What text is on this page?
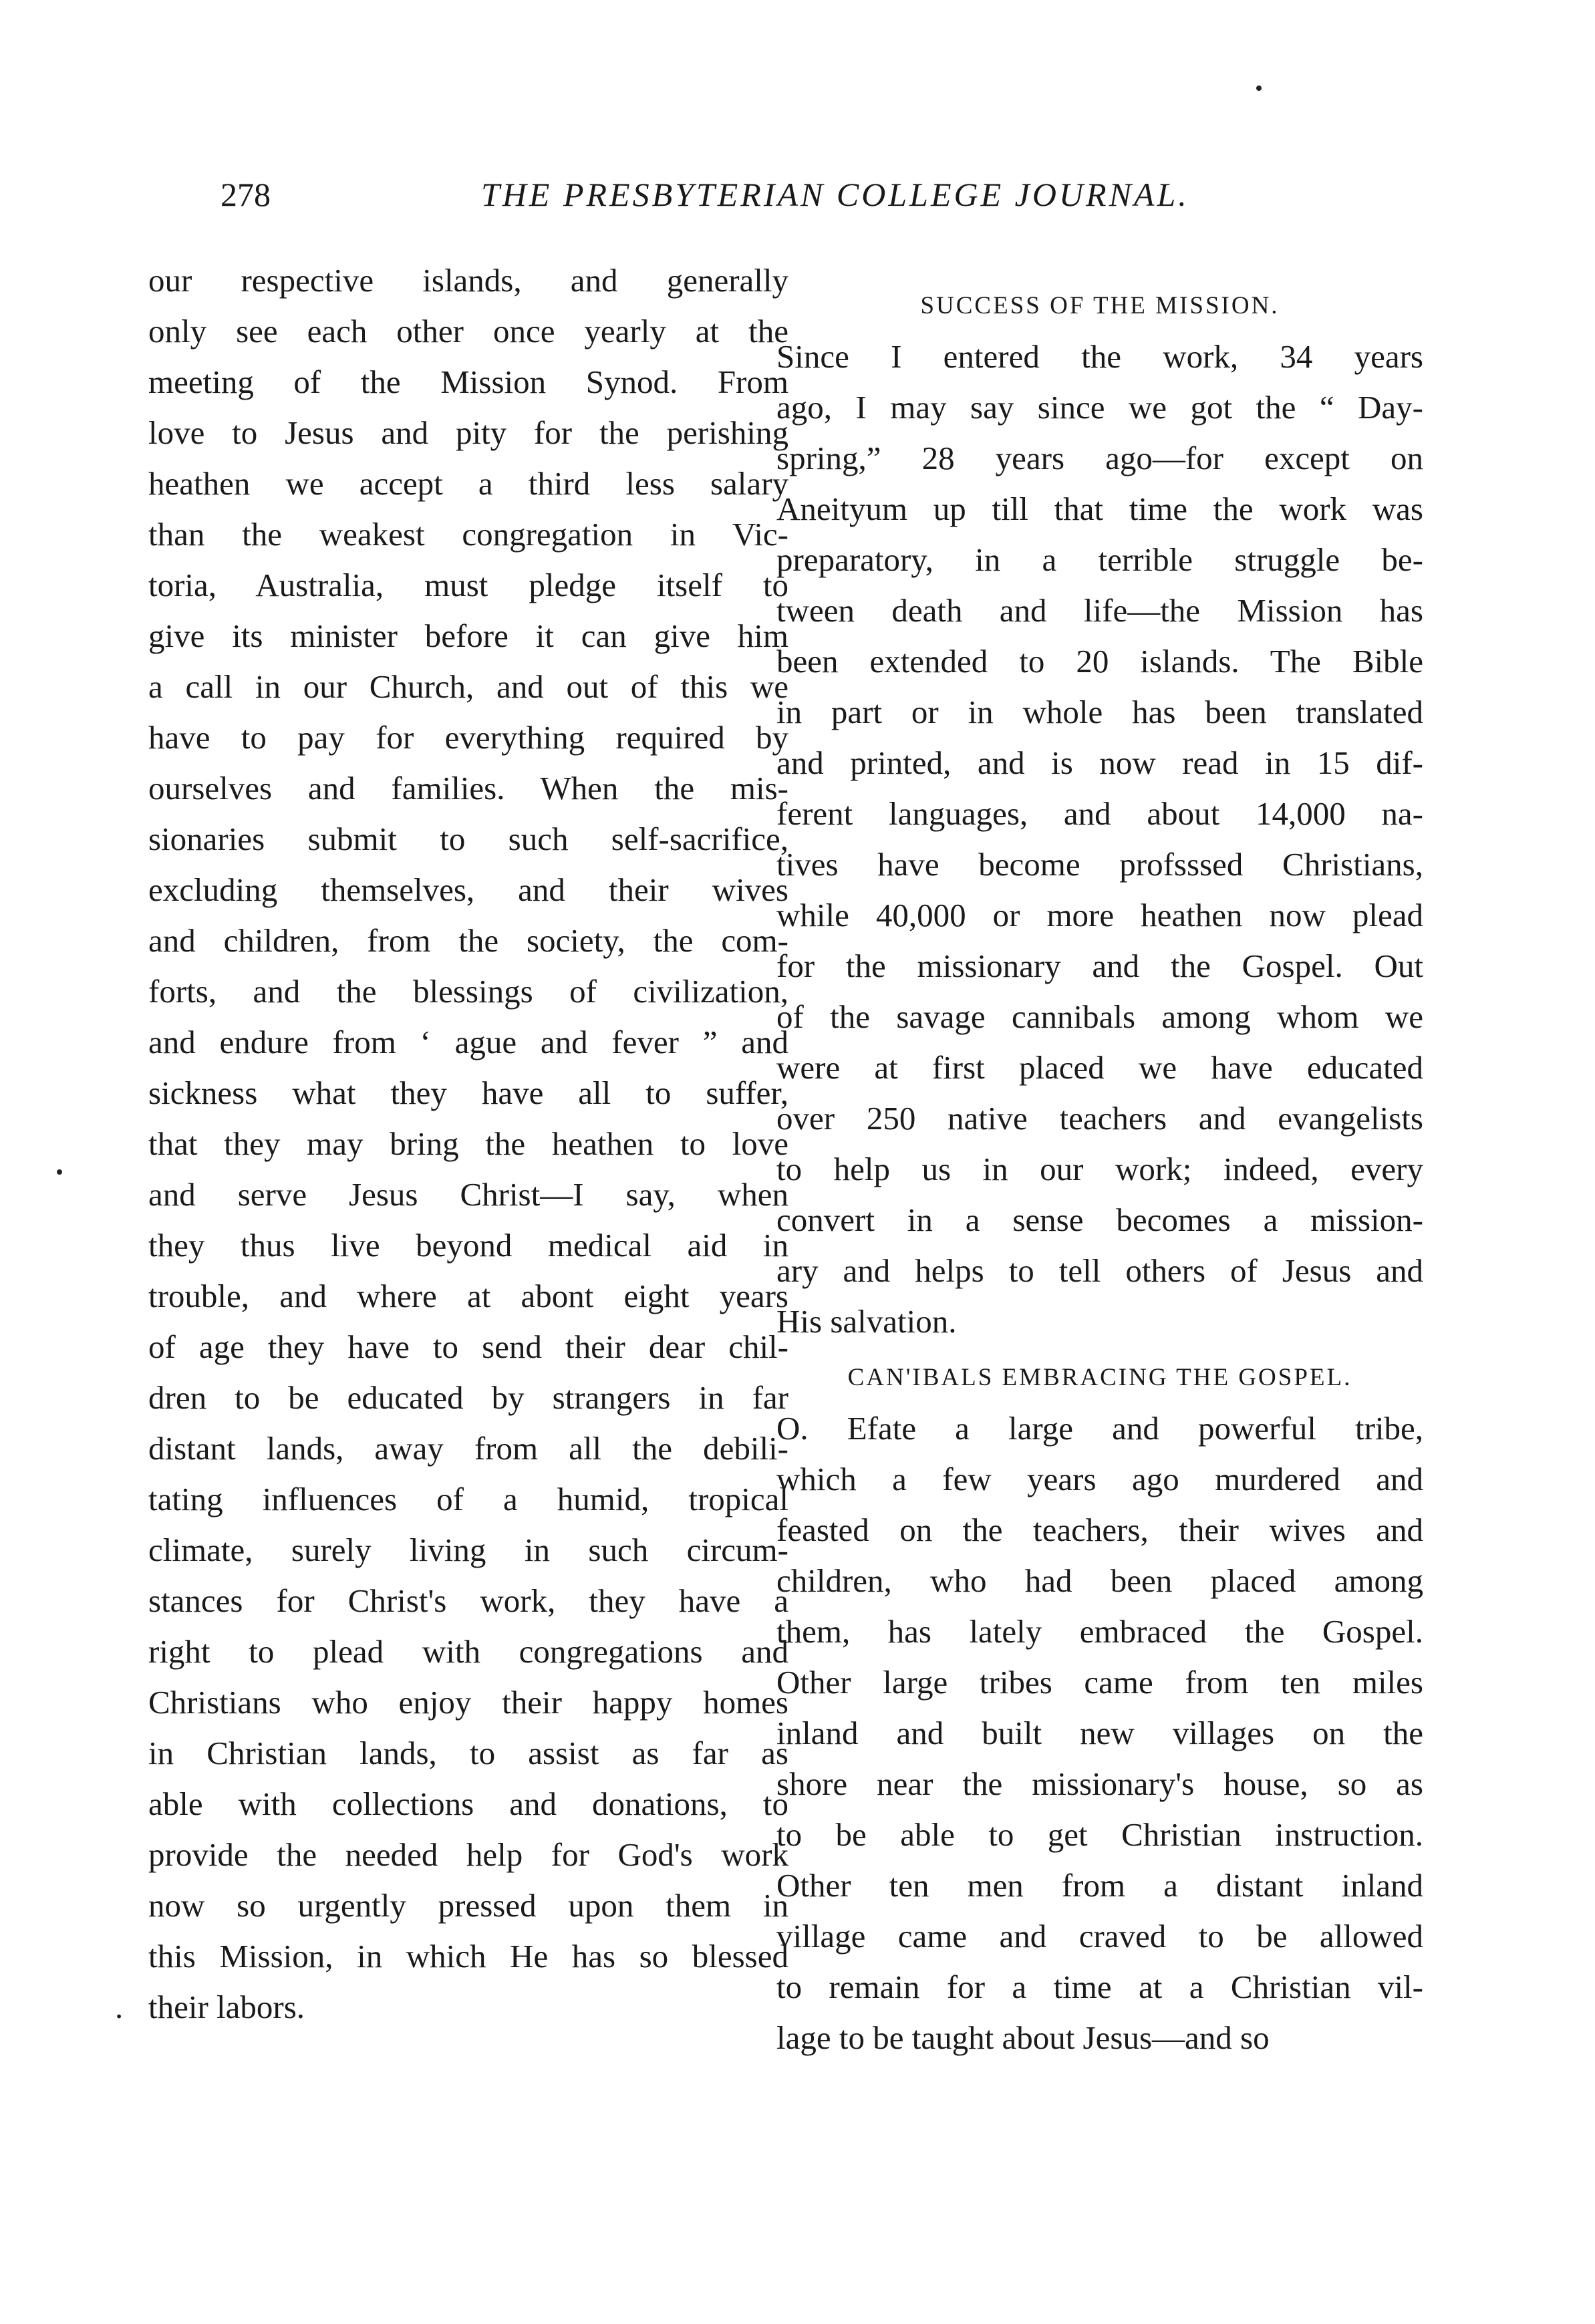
278	THE PRESBYTERIAN COLLEGE JOURNAL.
our respective islands, and generally
only see each other once yearly at the
meeting of the Mission Synod. From
love to Jesus and pity for the perishing
heathen we accept a third less salary
than the weakest congregation in Vic-
toria, Australia, must pledge itself to
give its minister before it can give him
a call in our Church, and out of this we
have to pay for everything required by
ourselves and families. When the mis-
sionaries submit to such self-sacrifice,
excluding themselves, and their wives
and children, from the society, the com-
forts, and the blessings of civilization,
and endure from ‘ ague and fever ” and
sickness what they have all to suffer,
that they may bring the heathen to love
and serve Jesus Christ—I say, when
they thus live beyond medical aid in
trouble, and where at abont eight years
of age they have to send their dear chil-
dren to be educated by strangers in far
distant lands, away from all the debili-
tating influences of a humid, tropical
climate, surely living in such circum-
stances for Christ's work, they have a
right to plead with congregations and
Christians who enjoy their happy homes
in Christian lands, to assist as far as
able with collections and donations, to
provide the needed help for God's work
now so urgently pressed upon them in
this Mission, in which He has so blessed
their labors.
.
SUCCESS OF THE MISSION.
Since I entered the work, 34 years
ago, I may say since we got the “ Day-
spring,” 28 years ago—for except on
Aneityum up till that time the work was
preparatory, in a terrible struggle be-
tween death and life—the Mission has
been extended to 20 islands. The Bible
in part or in whole has been translated
and printed, and is now read in 15 dif-
ferent languages, and about 14,000 na-
tives have become profsssed Christians,
while 40,000 or more heathen now plead
for the missionary and the Gospel. Out
of the savage cannibals among whom we
were at first placed we have educated
over 250 native teachers and evangelists
to help us in our work; indeed, every
convert in a sense becomes a mission-
ary and helps to tell others of Jesus and
His salvation.
CAN'IBALS EMBRACING THE GOSPEL.
O. Efate a large and powerful tribe,
which a few years ago murdered and
feasted on the teachers, their wives and
children, who had been placed among
them, has lately embraced the Gospel.
Other large tribes came from ten miles
inland and built new villages on the
shore near the missionary's house, so as
to be able to get Christian instruction.
Other ten men from a distant inland
village came and craved to be allowed
to remain for a time at a Christian vil-
lage to be taught about Jesus—and so
